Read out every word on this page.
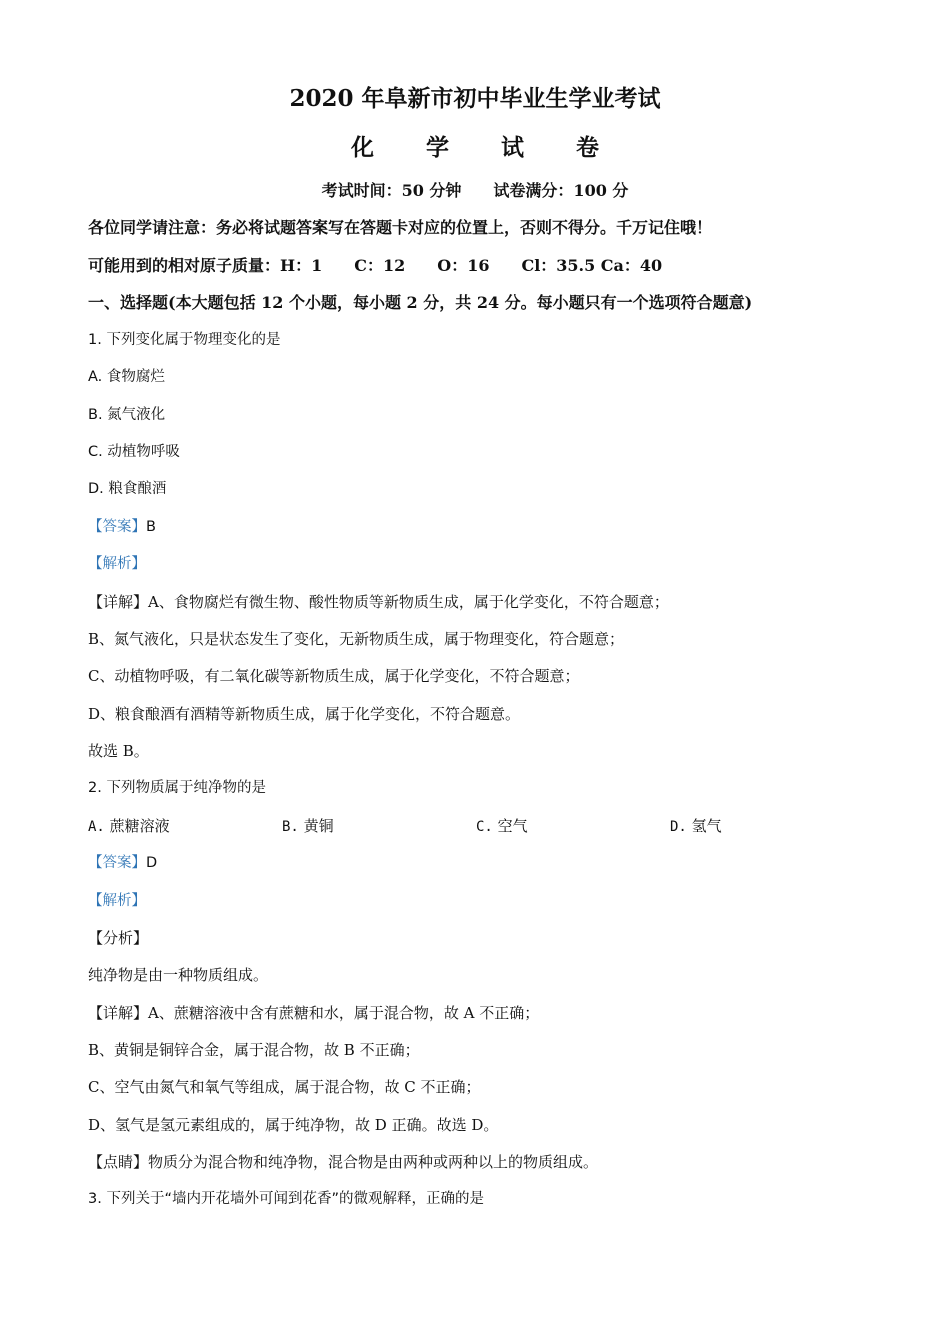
2020 年阜新市初中毕业生学业考试
化学试卷
考试时间：50 分钟　　试卷满分：100 分
各位同学请注意：务必将试题答案写在答题卡对应的位置上，否则不得分。千万记住哦！
可能用到的相对原子质量：H：1　　C：12　　O：16　　Cl：35.5 Ca：40
一、选择题(本大题包括 12 个小题，每小题 2 分，共 24 分。每小题只有一个选项符合题意)
1. 下列变化属于物理变化的是
A. 食物腐烂
B. 氮气液化
C. 动植物呼吸
D. 粮食酿酒
【答案】B
【解析】
【详解】A、食物腐烂有微生物、酸性物质等新物质生成，属于化学变化，不符合题意；
B、氮气液化，只是状态发生了变化，无新物质生成，属于物理变化，符合题意；
C、动植物呼吸，有二氧化碳等新物质生成，属于化学变化，不符合题意；
D、粮食酿酒有酒精等新物质生成，属于化学变化，不符合题意。
故选 B。
2. 下列物质属于纯净物的是
A. 蔗糖溶液	B. 黄铜	C. 空气	D. 氢气
【答案】D
【解析】
【分析】
纯净物是由一种物质组成。
【详解】A、蔗糖溶液中含有蔗糖和水，属于混合物，故 A 不正确；
B、黄铜是铜锌合金，属于混合物，故 B 不正确；
C、空气由氮气和氧气等组成，属于混合物，故 C 不正确；
D、氢气是氢元素组成的，属于纯净物，故 D 正确。故选 D。
【点睛】物质分为混合物和纯净物，混合物是由两种或两种以上的物质组成。
3. 下列关于“墙内开花墙外可闻到花香”的微观解释，正确的是
